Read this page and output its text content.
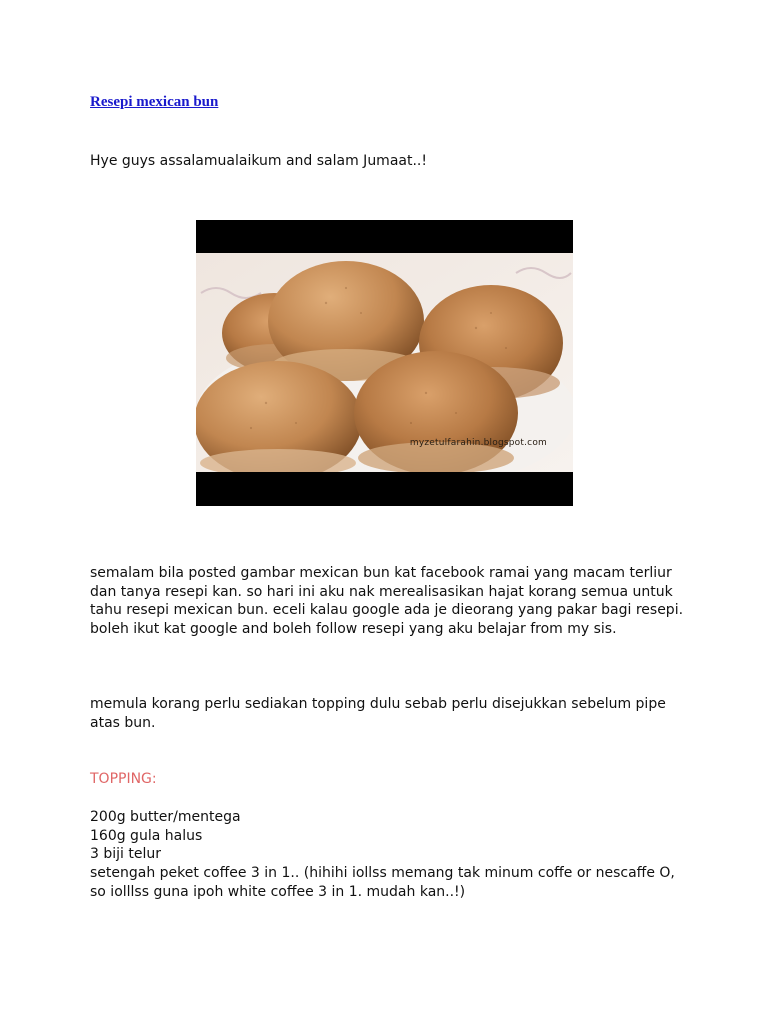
Resepi mexican bun

Hye guys assalamualaikum and salam Jumaat..!

myzetulfarahin.blogspot.com

semalam bila posted gambar mexican bun kat facebook ramai yang macam terliur dan tanya resepi kan. so hari ini aku nak merealisasikan hajat korang semua untuk tahu resepi mexican bun. eceli kalau google ada je dieorang yang pakar bagi resepi. boleh ikut kat google and boleh follow resepi yang aku belajar from my sis.

memula korang perlu sediakan topping dulu sebab perlu disejukkan sebelum pipe atas bun.

TOPPING:

200g butter/mentega
160g gula halus
3 biji telur
setengah peket coffee 3 in 1.. (hihihi iollss memang tak minum coffe or nescaffe O, so iolllss guna ipoh white coffee 3 in 1. mudah kan..!)
